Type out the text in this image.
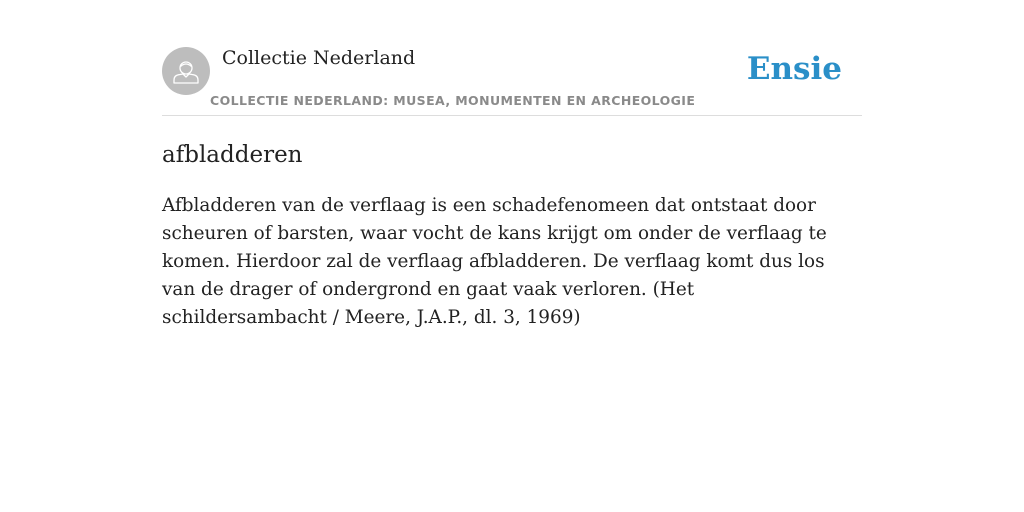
Collectie Nederland
COLLECTIE NEDERLAND: MUSEA, MONUMENTEN EN ARCHEOLOGIE
Ensie
afbladderen

Afbladderen van de verflaag is een schadefenomeen dat ontstaat door scheuren of barsten, waar vocht de kans krijgt om onder de verflaag te komen. Hierdoor zal de verflaag afbladderen. De verflaag komt dus los van de drager of ondergrond en gaat vaak verloren. (Het schildersambacht / Meere, J.A.P., dl. 3, 1969)
